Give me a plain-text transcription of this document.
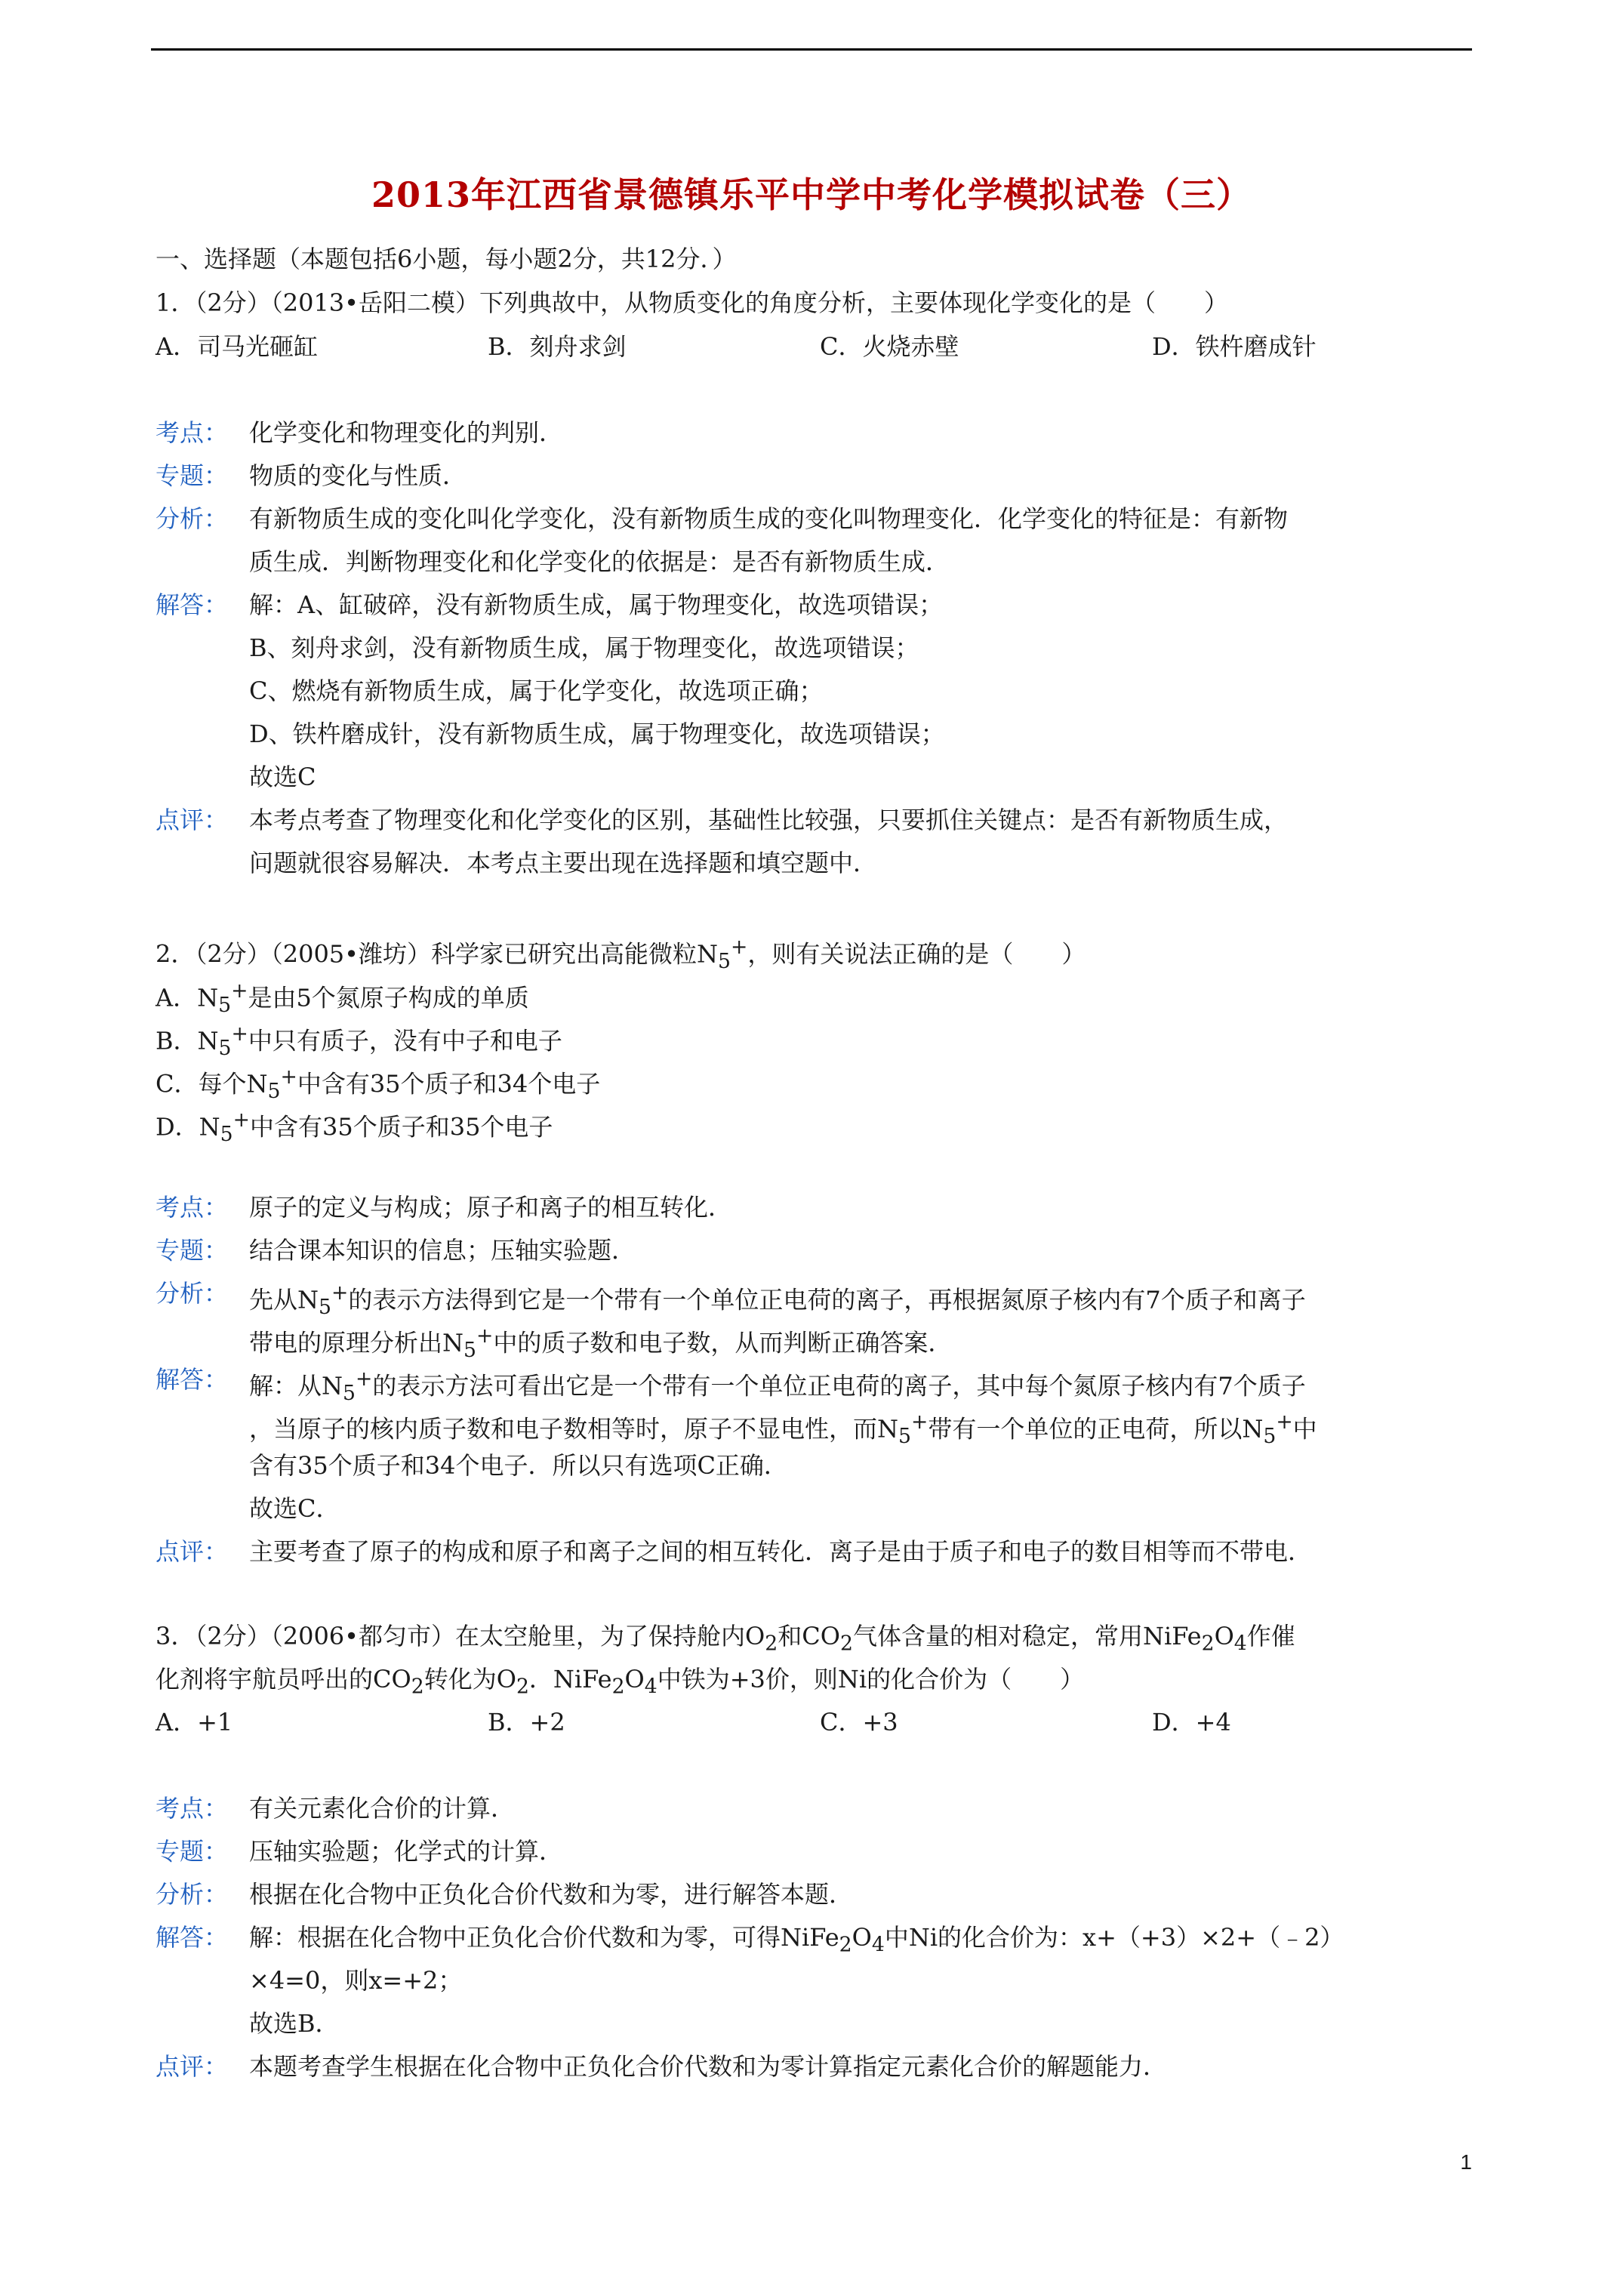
2013年江西省景德镇乐平中学中考化学模拟试卷（三）
一、选择题（本题包括6小题，每小题2分，共12分．）
1．（2分）（2013•岳阳二模）下列典故中，从物质变化的角度分析，主要体现化学变化的是（　　）
A．司马光砸缸	B．刻舟求剑	C．火烧赤壁	D．铁杵磨成针
考点： 化学变化和物理变化的判别．
专题： 物质的变化与性质．
分析： 有新物质生成的变化叫化学变化，没有新物质生成的变化叫物理变化．化学变化的特征是：有新物
质生成．判断物理变化和化学变化的依据是：是否有新物质生成．
解答： 解：A、缸破碎，没有新物质生成，属于物理变化，故选项错误；
B、刻舟求剑，没有新物质生成，属于物理变化，故选项错误；
C、燃烧有新物质生成，属于化学变化，故选项正确；
D、铁杵磨成针，没有新物质生成，属于物理变化，故选项错误；
故选C
点评： 本考点考查了物理变化和化学变化的区别，基础性比较强，只要抓住关键点：是否有新物质生成，
问题就很容易解决．本考点主要出现在选择题和填空题中．
2．（2分）（2005•潍坊）科学家已研究出高能微粒$N_5^+$，则有关说法正确的是（　　）
A．$N_5^+$是由5个氮原子构成的单质
B．$N_5^+$中只有质子，没有中子和电子
C．每个$N_5^+$中含有35个质子和34个电子
D．$N_5^+$中含有35个质子和35个电子
考点： 原子的定义与构成；原子和离子的相互转化．
专题： 结合课本知识的信息；压轴实验题．
分析： 先从$N_5^+$的表示方法得到它是一个带有一个单位正电荷的离子，再根据氮原子核内有7个质子和离子
带电的原理分析出$N_5^+$中的质子数和电子数，从而判断正确答案．
解答： 解：从$N_5^+$的表示方法可看出它是一个带有一个单位正电荷的离子，其中每个氮原子核内有7个质子
，当原子的核内质子数和电子数相等时，原子不显电性，而$N_5^+$带有一个单位的正电荷，所以$N_5^+$中
含有35个质子和34个电子．所以只有选项C正确．
故选C．
点评： 主要考查了原子的构成和原子和离子之间的相互转化．离子是由于质子和电子的数目相等而不带电．
3．（2分）（2006•都匀市）在太空舱里，为了保持舱内$O_2$和$CO_2$气体含量的相对稳定，常用$NiFe_2O_4$作催
化剂将宇航员呼出的$CO_2$转化为$O_2$．$NiFe_2O_4$中铁为+3价，则Ni的化合价为（　　）
A．+1	B．+2	C．+3	D．+4
考点： 有关元素化合价的计算．
专题： 压轴实验题；化学式的计算．
分析： 根据在化合物中正负化合价代数和为零，进行解答本题．
解答： 解：根据在化合物中正负化合价代数和为零，可得$NiFe_2O_4$中Ni的化合价为：x+（+3）×2+（﹣2）
×4=0，则x=+2；
故选B．
点评： 本题考查学生根据在化合物中正负化合价代数和为零计算指定元素化合价的解题能力．
1
